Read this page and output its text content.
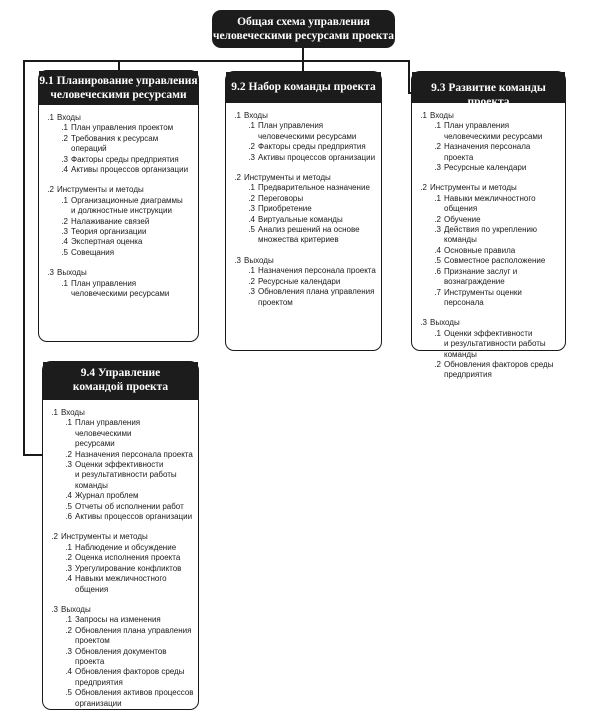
Общая схема управления
человеческими ресурсами проекта
9.1 Планирование управления
человеческими ресурсами
.1 Входы
.1 План управления проектом
.2 Требования к ресурсам операций
.3 Факторы среды предприятия
.4 Активы процессов организации
.2 Инструменты и методы
.1 Организационные диаграммы
и должностные инструкции
.2 Налаживание связей
.3 Теория организации
.4 Экспертная оценка
.5 Совещания
.3 Выходы
.1 План управления
человеческими ресурсами
9.2 Набор команды проекта
.1 Входы
.1 План управления
человеческими ресурсами
.2 Факторы среды предприятия
.3 Активы процессов организации
.2 Инструменты и методы
.1 Предварительное назначение
.2 Переговоры
.3 Приобретение
.4 Виртуальные команды
.5 Анализ решений на основе
множества критериев
.3 Выходы
.1 Назначения персонала проекта
.2 Ресурсные календари
.3 Обновления плана управления
проектом
9.3 Развитие команды проекта
.1 Входы
.1 План управления
человеческими ресурсами
.2 Назначения персонала проекта
.3 Ресурсные календари
.2 Инструменты и методы
.1 Навыки межличностного общения
.2 Обучение
.3 Действия по укреплению команды
.4 Основные правила
.5 Совместное расположение
.6 Признание заслуг и вознаграждение
.7 Инструменты оценки персонала
.3 Выходы
.1 Оценки эффективности
и результативности работы команды
.2 Обновления факторов среды
предприятия
9.4 Управление
командой проекта
.1 Входы
.1 План управления человеческими
ресурсами
.2 Назначения персонала проекта
.3 Оценки эффективности
и результативности работы команды
.4 Журнал проблем
.5 Отчеты об исполнении работ
.6 Активы процессов организации
.2 Инструменты и методы
.1 Наблюдение и обсуждение
.2 Оценка исполнения проекта
.3 Урегулирование конфликтов
.4 Навыки межличностного общения
.3 Выходы
.1 Запросы на изменения
.2 Обновления плана управления
проектом
.3 Обновления документов проекта
.4 Обновления факторов среды
предприятия
.5 Обновления активов процессов
организации
